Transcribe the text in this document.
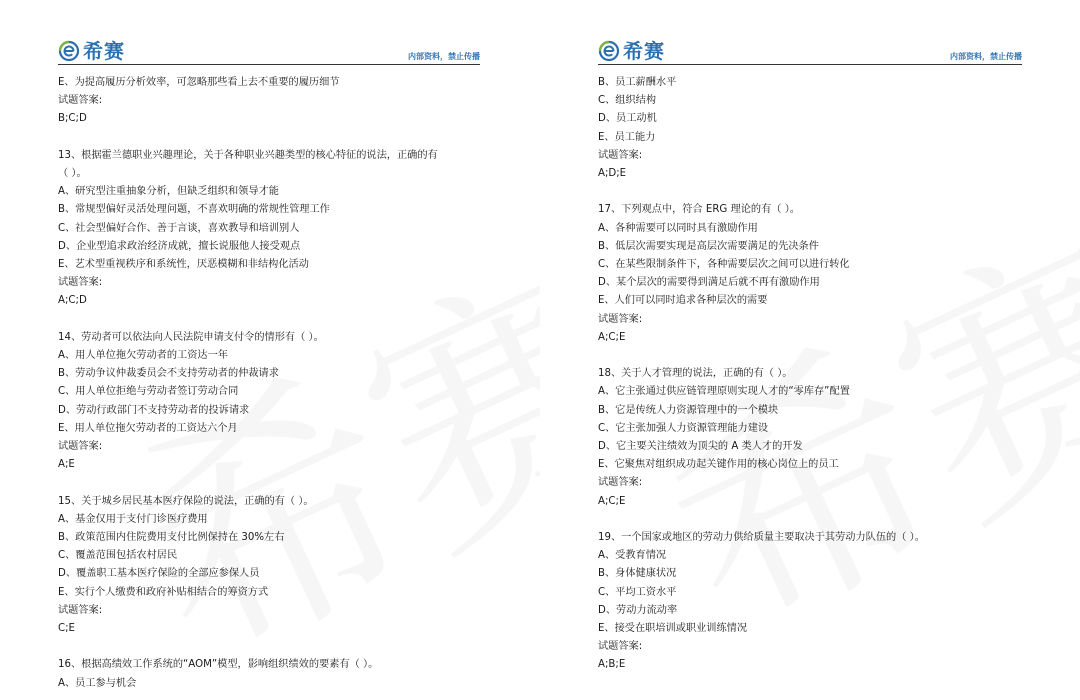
希赛	内部资料，禁止传播
E、为提高履历分析效率，可忽略那些看上去不重要的履历细节
试题答案:
B;C;D
13、根据霍兰德职业兴趣理论，关于各种职业兴趣类型的核心特征的说法，正确的有
（ ）。
A、研究型注重抽象分析，但缺乏组织和领导才能
B、常规型偏好灵活处理问题，不喜欢明确的常规性管理工作
C、社会型偏好合作、善于言谈，喜欢教导和培训别人
D、企业型追求政治经济成就，擅长说服他人接受观点
E、艺术型重视秩序和系统性，厌恶模糊和非结构化活动
试题答案:
A;C;D
14、劳动者可以依法向人民法院申请支付令的情形有（ ）。
A、用人单位拖欠劳动者的工资达一年
B、劳动争议仲裁委员会不支持劳动者的仲裁请求
C、用人单位拒绝与劳动者签订劳动合同
D、劳动行政部门不支持劳动者的投诉请求
E、用人单位拖欠劳动者的工资达六个月
试题答案:
A;E
15、关于城乡居民基本医疗保险的说法，正确的有（ ）。
A、基金仅用于支付门诊医疗费用
B、政策范围内住院费用支付比例保持在 30%左右
C、覆盖范围包括农村居民
D、覆盖职工基本医疗保险的全部应参保人员
E、实行个人缴费和政府补贴相结合的筹资方式
试题答案:
C;E
16、根据高绩效工作系统的“AOM”模型，影响组织绩效的要素有（ ）。
A、员工参与机会
希赛	内部资料，禁止传播
B、员工薪酬水平
C、组织结构
D、员工动机
E、员工能力
试题答案:
A;D;E
17、下列观点中，符合 ERG 理论的有（ ）。
A、各种需要可以同时具有激励作用
B、低层次需要实现是高层次需要满足的先决条件
C、在某些限制条件下，各种需要层次之间可以进行转化
D、某个层次的需要得到满足后就不再有激励作用
E、人们可以同时追求各种层次的需要
试题答案:
A;C;E
18、关于人才管理的说法，正确的有（ ）。
A、它主张通过供应链管理原则实现人才的“零库存”配置
B、它是传统人力资源管理中的一个模块
C、它主张加强人力资源管理能力建设
D、它主要关注绩效为顶尖的 A 类人才的开发
E、它聚焦对组织成功起关键作用的核心岗位上的员工
试题答案:
A;C;E
19、一个国家或地区的劳动力供给质量主要取决于其劳动力队伍的（ ）。
A、受教育情况
B、身体健康状况
C、平均工资水平
D、劳动力流动率
E、接受在职培训或职业训练情况
试题答案:
A;B;E
